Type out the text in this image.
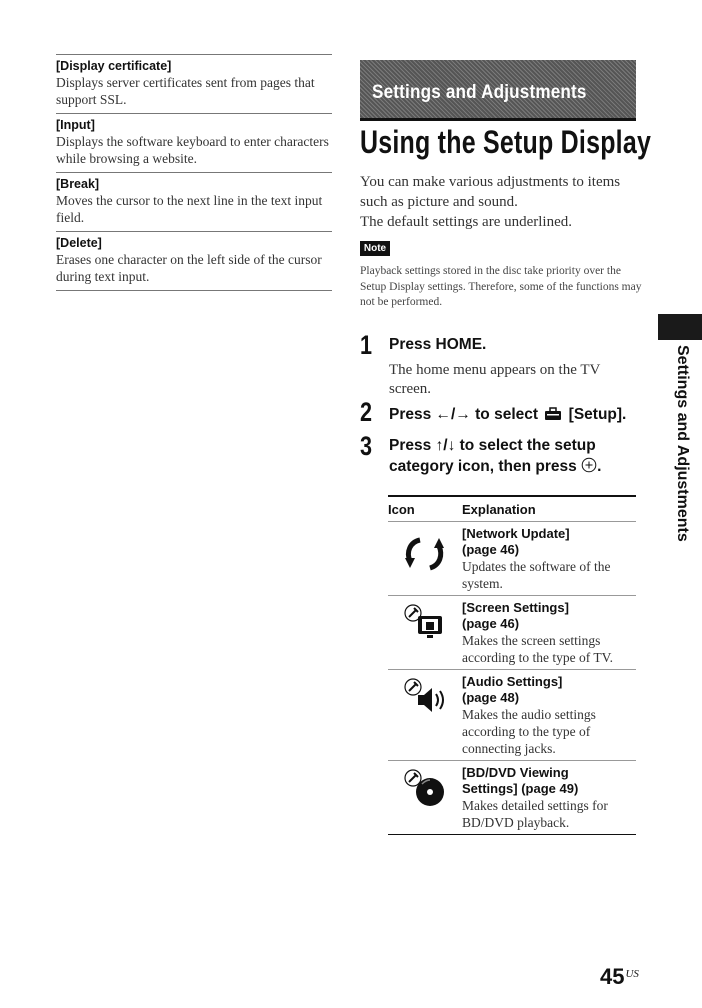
[Display certificate]
Displays server certificates sent from pages that support SSL.
[Input]
Displays the software keyboard to enter characters while browsing a website.
[Break]
Moves the cursor to the next line in the text input field.
[Delete]
Erases one character on the left side of the cursor during text input.
Settings and Adjustments
Using the Setup Display

You can make various adjustments to items such as picture and sound.

The default settings are underlined.

Note
Playback settings stored in the disc take priority over the Setup Display settings. Therefore, some of the functions may not be performed.
1 Press HOME.
The home menu appears on the TV screen.
2 Press ←/→ to select [Setup].
3 Press ↑/↓ to select the setup
category icon, then press .
Icon	Explanation
[Network Update]
(page 46)
Updates the software of the system.
[Screen Settings]
(page 46)
Makes the screen settings according to the type of TV.
[Audio Settings]
(page 48)
Makes the audio settings according to the type of connecting jacks.
[BD/DVD Viewing
Settings] (page 49)
Makes detailed settings for BD/DVD playback.
Settings and Adjustments
$45^{US}$
